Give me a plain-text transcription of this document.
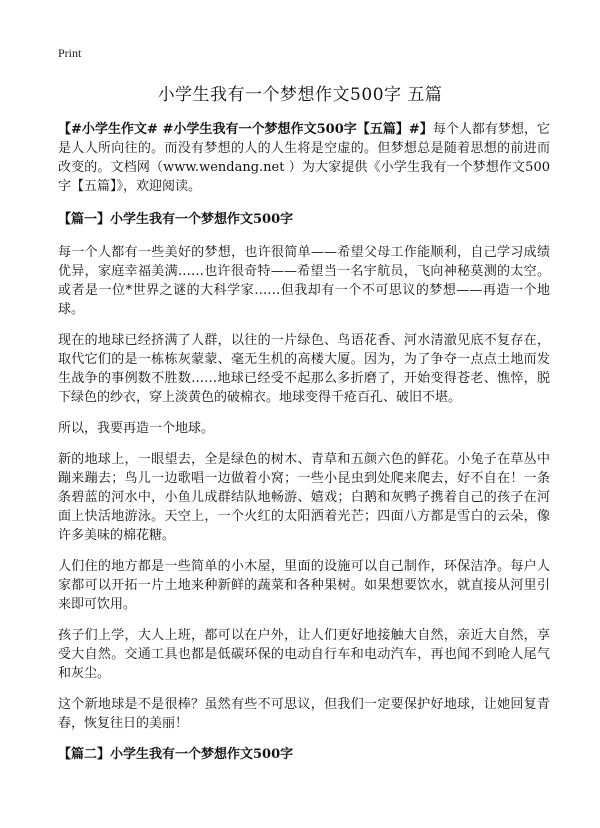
Print
小学生我有一个梦想作文500字 五篇

【#小学生作文# #小学生我有一个梦想作文500字【五篇】#】每个人都有梦想，它是人人所向往的。而没有梦想的人的人生将是空虚的。但梦想总是随着思想的前进而改变的。文档网（www.wendang.net ）为大家提供《小学生我有一个梦想作文500字【五篇】》，欢迎阅读。

【篇一】小学生我有一个梦想作文500字

每一个人都有一些美好的梦想，也许很简单——希望父母工作能顺利，自己学习成绩优异，家庭幸福美满……也许很奇特——希望当一名宇航员，飞向神秘莫测的太空。或者是一位*世界之谜的大科学家……但我却有一个不可思议的梦想——再造一个地球。

现在的地球已经挤满了人群，以往的一片绿色、鸟语花香、河水清澈见底不复存在，取代它们的是一栋栋灰蒙蒙、毫无生机的高楼大厦。因为，为了争夺一点点土地而发生战争的事例数不胜数……地球已经受不起那么多折磨了，开始变得苍老、憔悴，脱下绿色的纱衣，穿上淡黄色的破棉衣。地球变得千疮百孔、破旧不堪。

所以，我要再造一个地球。

新的地球上，一眼望去，全是绿色的树木、青草和五颜六色的鲜花。小兔子在草丛中蹦来蹦去；鸟儿一边歌唱一边做着小窝；一些小昆虫到处爬来爬去，好不自在！一条条碧蓝的河水中，小鱼儿成群结队地畅游、嬉戏；白鹅和灰鸭子携着自己的孩子在河面上快活地游泳。天空上，一个火红的太阳洒着光芒；四面八方都是雪白的云朵，像许多美味的棉花糖。

人们住的地方都是一些简单的小木屋，里面的设施可以自己制作，环保洁净。每户人家都可以开拓一片土地来种新鲜的蔬菜和各种果树。如果想要饮水，就直接从河里引来即可饮用。

孩子们上学，大人上班，都可以在户外，让人们更好地接触大自然，亲近大自然，享受大自然。交通工具也都是低碳环保的电动自行车和电动汽车，再也闻不到呛人尾气和灰尘。

这个新地球是不是很棒？虽然有些不可思议，但我们一定要保护好地球，让她回复青春，恢复往日的美丽！

【篇二】小学生我有一个梦想作文500字
